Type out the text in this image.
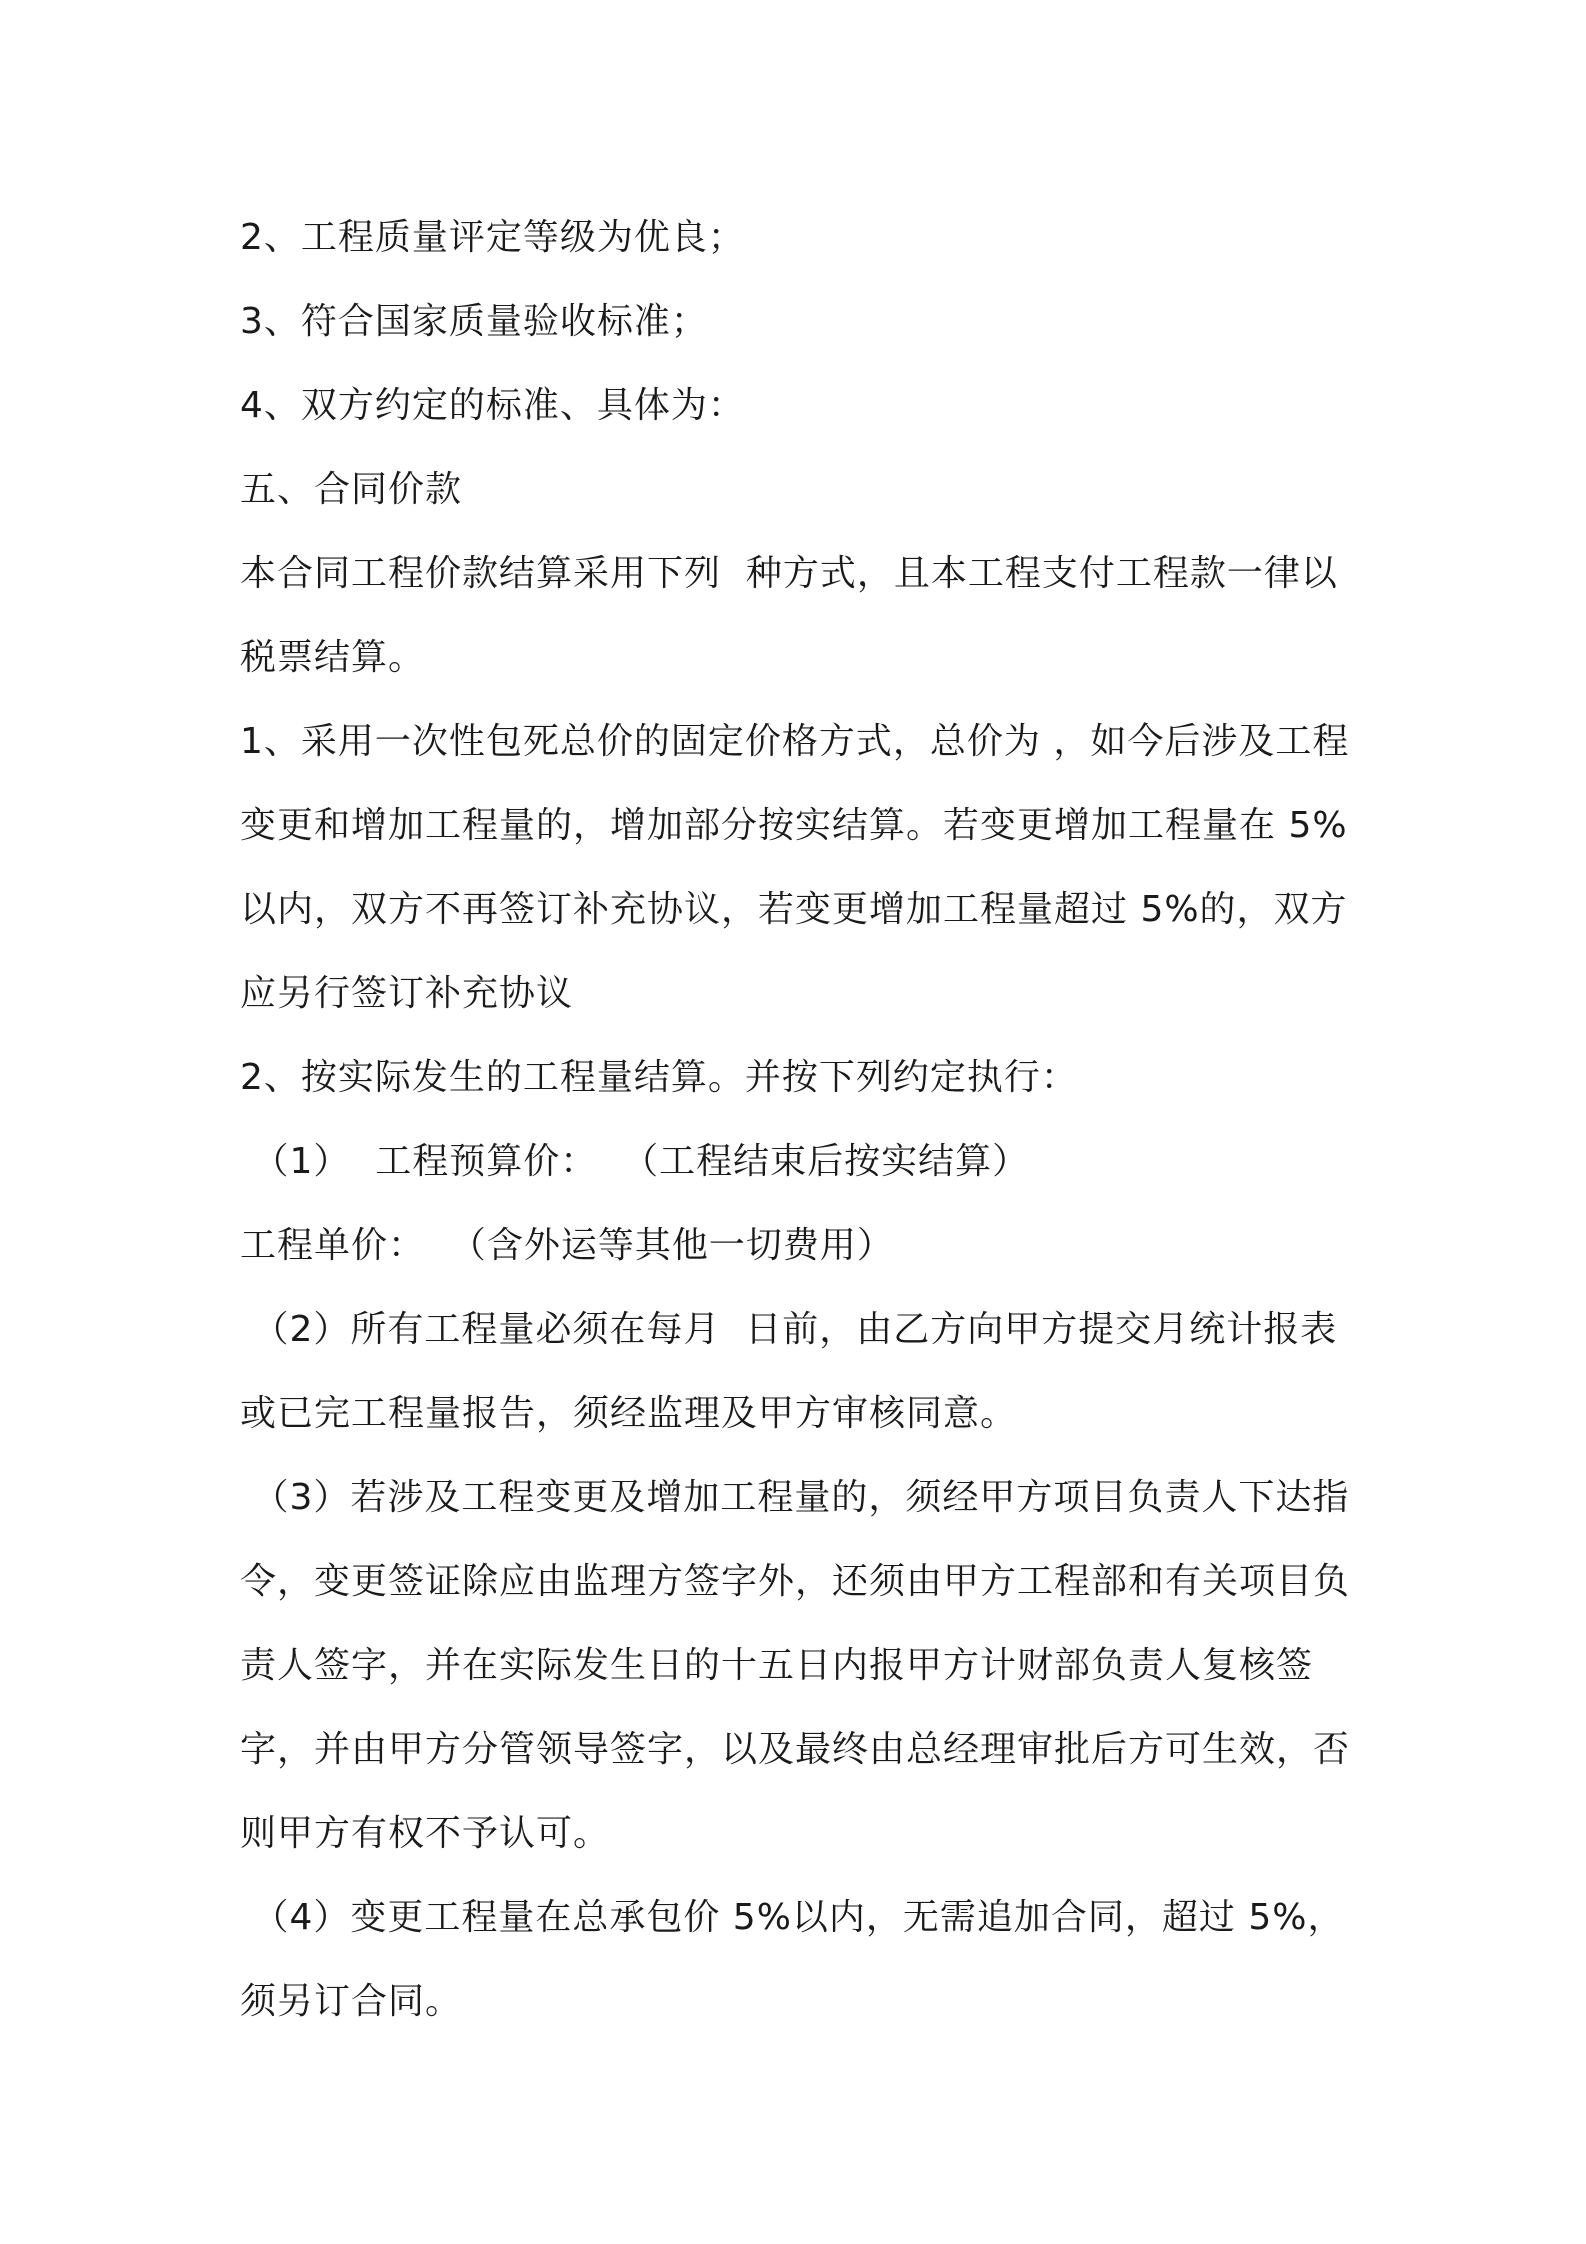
2、工程质量评定等级为优良；

3、符合国家质量验收标准；

4、双方约定的标准、具体为：

五、合同价款

本合同工程价款结算采用下列  种方式，且本工程支付工程款一律以税票结算。

1、采用一次性包死总价的固定价格方式，总价为 ，如今后涉及工程变更和增加工程量的，增加部分按实结算。若变更增加工程量在 5%以内，双方不再签订补充协议，若变更增加工程量超过 5%的，双方应另行签订补充协议

2、按实际发生的工程量结算。并按下列约定执行：

（1）  工程预算价：  （工程结束后按实结算）

工程单价：  （含外运等其他一切费用）

（2）所有工程量必须在每月  日前，由乙方向甲方提交月统计报表或已完工程量报告，须经监理及甲方审核同意。

（3）若涉及工程变更及增加工程量的，须经甲方项目负责人下达指令，变更签证除应由监理方签字外，还须由甲方工程部和有关项目负责人签字，并在实际发生日的十五日内报甲方计财部负责人复核签字，并由甲方分管领导签字，以及最终由总经理审批后方可生效，否则甲方有权不予认可。

（4）变更工程量在总承包价 5%以内，无需追加合同，超过 5%，须另订合同。
